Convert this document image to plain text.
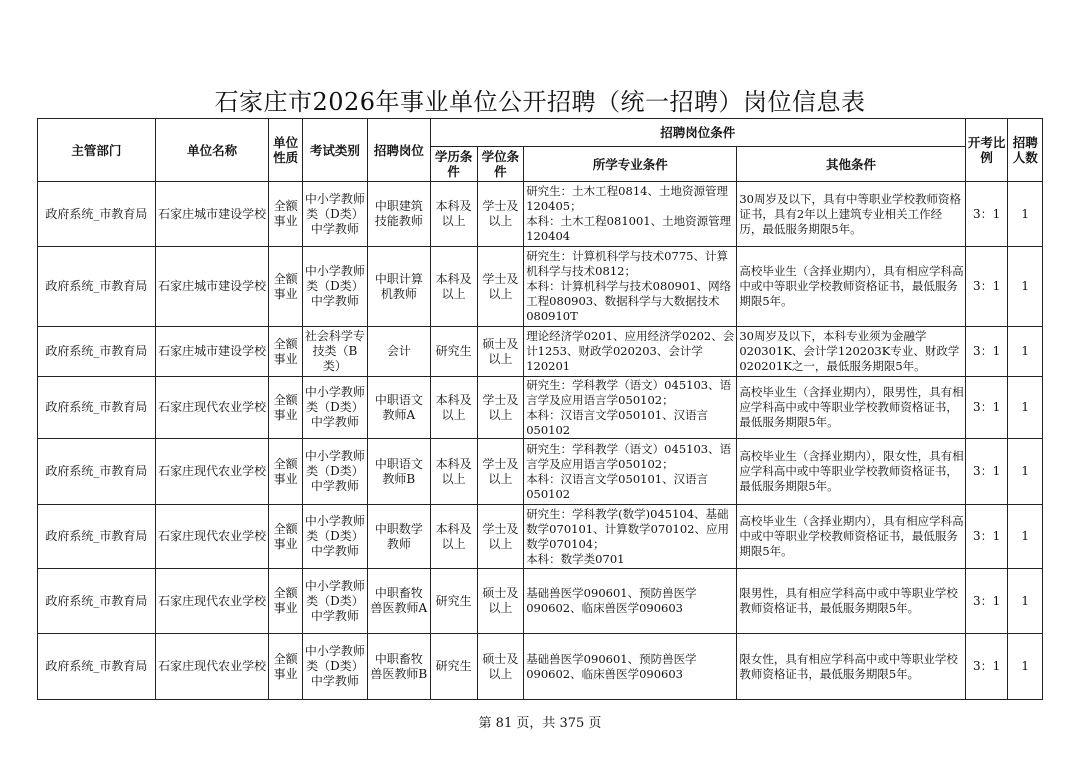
石家庄市2026年事业单位公开招聘（统一招聘）岗位信息表
主管部门	单位名称	单位性质	考试类别	招聘岗位	招聘岗位条件				开考比例	招聘人数
					学历条件	学位条件	所学专业条件	其他条件		
政府系统_市教育局	石家庄城市建设学校	全额事业	中小学教师类（D类）中学教师	中职建筑技能教师	本科及以上	学士及以上	研究生：土木工程0814、土地资源管理120405；
本科：土木工程081001、土地资源管理120404	30周岁及以下，具有中等职业学校教师资格证书，具有2年以上建筑专业相关工作经历，最低服务期限5年。	3：1	1
政府系统_市教育局	石家庄城市建设学校	全额事业	中小学教师类（D类）中学教师	中职计算机教师	本科及以上	学士及以上	研究生：计算机科学与技术0775、计算机科学与技术0812；
本科：计算机科学与技术080901、网络工程080903、数据科学与大数据技术080910T	高校毕业生（含择业期内），具有相应学科高中或中等职业学校教师资格证书，最低服务期限5年。	3：1	1
政府系统_市教育局	石家庄城市建设学校	全额事业	社会科学专技类（B类）	会计	研究生	硕士及以上	理论经济学0201、应用经济学0202、会计1253、财政学020203、会计学120201	30周岁及以下，本科专业须为金融学020301K、会计学120203K专业、财政学020201K之一，最低服务期限5年。	3：1	1
政府系统_市教育局	石家庄现代农业学校	全额事业	中小学教师类（D类）中学教师	中职语文教师A	本科及以上	学士及以上	研究生：学科教学（语文）045103、语言学及应用语言学050102；
本科：汉语言文学050101、汉语言050102	高校毕业生（含择业期内），限男性，具有相应学科高中或中等职业学校教师资格证书，最低服务期限5年。	3：1	1
政府系统_市教育局	石家庄现代农业学校	全额事业	中小学教师类（D类）中学教师	中职语文教师B	本科及以上	学士及以上	研究生：学科教学（语文）045103、语言学及应用语言学050102；
本科：汉语言文学050101、汉语言050102	高校毕业生（含择业期内），限女性，具有相应学科高中或中等职业学校教师资格证书，最低服务期限5年。	3：1	1
政府系统_市教育局	石家庄现代农业学校	全额事业	中小学教师类（D类）中学教师	中职数学教师	本科及以上	学士及以上	研究生：学科教学(数学)045104、基础数学070101、计算数学070102、应用数学070104；
本科：数学类0701	高校毕业生（含择业期内），具有相应学科高中或中等职业学校教师资格证书，最低服务期限5年。	3：1	1
政府系统_市教育局	石家庄现代农业学校	全额事业	中小学教师类（D类）中学教师	中职畜牧兽医教师A	研究生	硕士及以上	基础兽医学090601、预防兽医学090602、临床兽医学090603	限男性，具有相应学科高中或中等职业学校教师资格证书，最低服务期限5年。	3：1	1
政府系统_市教育局	石家庄现代农业学校	全额事业	中小学教师类（D类）中学教师	中职畜牧兽医教师B	研究生	硕士及以上	基础兽医学090601、预防兽医学090602、临床兽医学090603	限女性，具有相应学科高中或中等职业学校教师资格证书，最低服务期限5年。	3：1	1
第 81 页，共 375 页
